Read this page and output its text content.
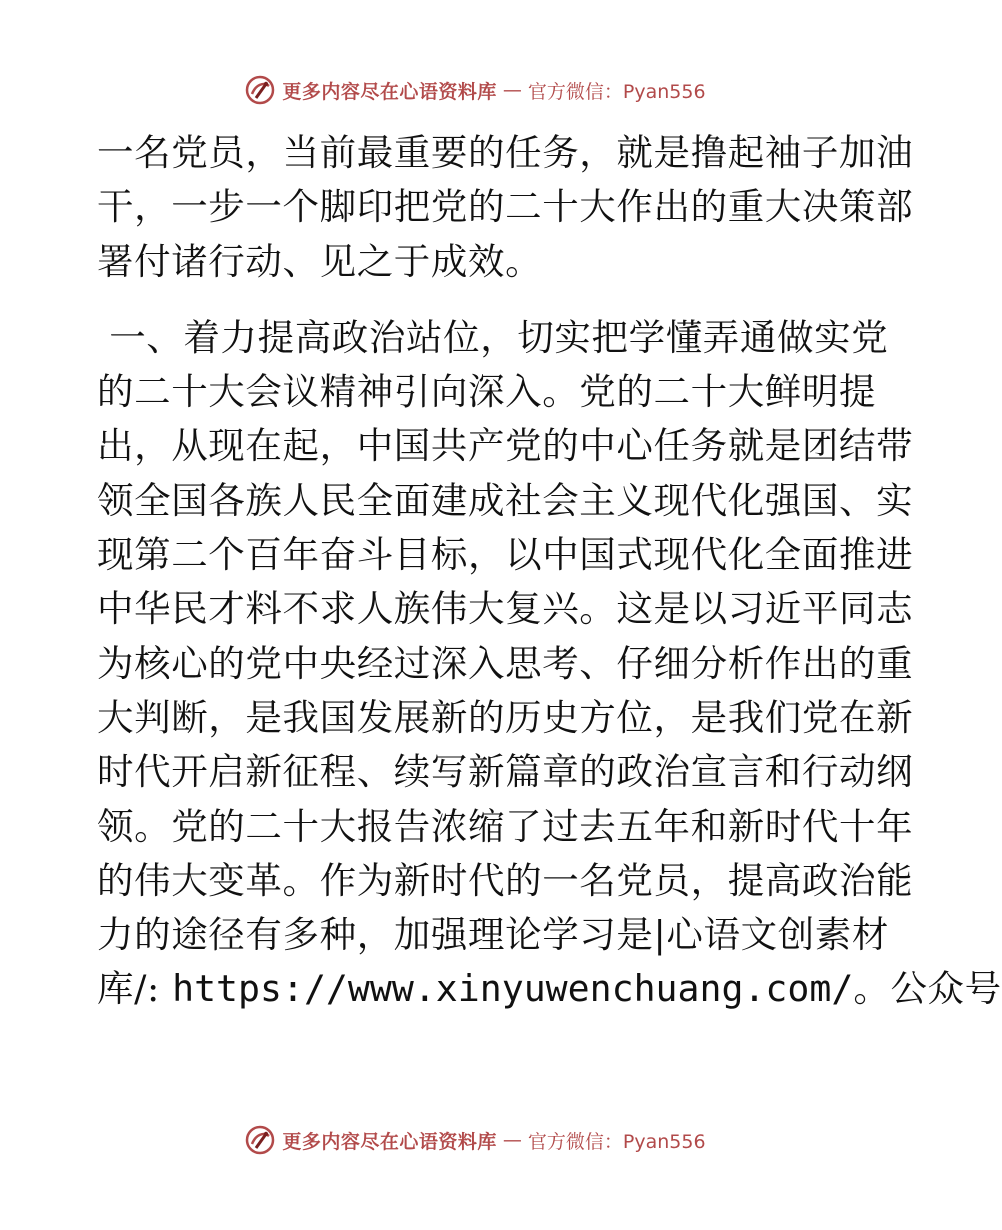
更多内容尽在心语资料库 — 官方微信：Pyan556
一名党员，当前最重要的任务，就是撸起袖子加油
干，一步一个脚印把党的二十大作出的重大决策部
署付诸行动、见之于成效。
一、着力提高政治站位，切实把学懂弄通做实党
的二十大会议精神引向深入。党的二十大鲜明提
出，从现在起，中国共产党的中心任务就是团结带
领全国各族人民全面建成社会主义现代化强国、实
现第二个百年奋斗目标，以中国式现代化全面推进
中华民才料不求人族伟大复兴。这是以习近平同志
为核心的党中央经过深入思考、仔细分析作出的重
大判断，是我国发展新的历史方位，是我们党在新
时代开启新征程、续写新篇章的政治宣言和行动纲
领。党的二十大报告浓缩了过去五年和新时代十年
的伟大变革。作为新时代的一名党员，提高政治能
力的途径有多种，加强理论学习是|心语文创素材
库/: https://www.xinyuwenchuang.com/。公众号
更多内容尽在心语资料库 — 官方微信：Pyan556
